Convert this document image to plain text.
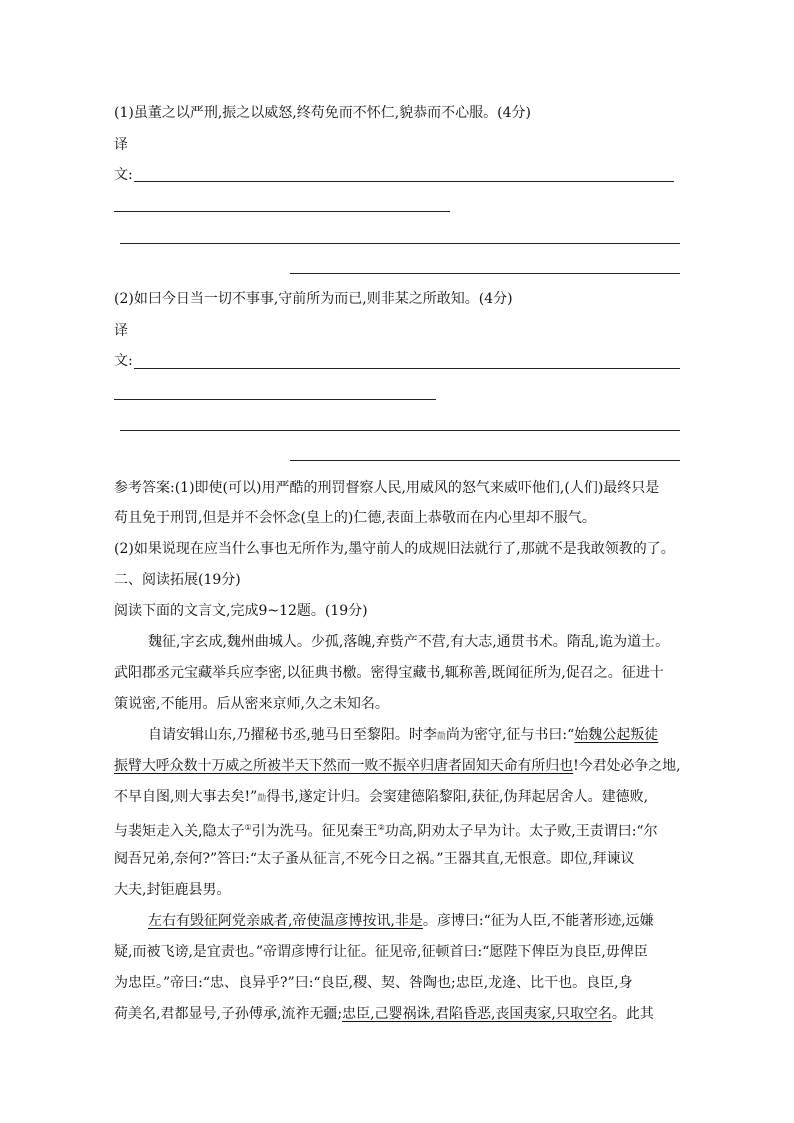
(1)虽董之以严刑,振之以威怒,终苟免而不怀仁,貌恭而不心服。(4分)
译
文:
(2)如曰今日当一切不事事,守前所为而已,则非某之所敢知。(4分)
译
文:
参考答案:(1)即使(可以)用严酷的刑罚督察人民,用威风的怒气来威吓他们,(人们)最终只是
苟且免于刑罚,但是并不会怀念(皇上的)仁德,表面上恭敬而在内心里却不服气。
(2)如果说现在应当什么事也无所作为,墨守前人的成规旧法就行了,那就不是我敢领教的了。
二、阅读拓展(19分)
阅读下面的文言文,完成9~12题。(19分)
魏征,字玄成,魏州曲城人。少孤,落魄,弃赀产不营,有大志,通贯书术。隋乱,诡为道士。
武阳郡丞元宝藏举兵应李密,以征典书檄。密得宝藏书,辄称善,既闻征所为,促召之。征进十
策说密,不能用。后从密来京师,久之未知名。
自请安辑山东,乃擢秘书丞,驰马日至黎阳。时李勣尚为密守,征与书曰:“始魏公起叛徒
振臂大呼众数十万威之所被半天下然而一败不振卒归唐者固知天命有所归也!今君处必争之地,
不早自图,则大事去矣!”勣得书,遂定计归。会窦建德陷黎阳,获征,伪拜起居舍人。建德败,
与裴矩走入关,隐太子①引为洗马。征见秦王②功高,阴劝太子早为计。太子败,王责谓曰:“尔
阋吾兄弟,奈何?”答曰:“太子蚤从征言,不死今日之祸。”王器其直,无恨意。即位,拜谏议
大夫,封钜鹿县男。
左右有毁征阿党亲戚者,帝使温彦博按讯,非是。彦博曰:“征为人臣,不能著形迹,远嫌
疑,而被飞谤,是宜责也。”帝谓彦博行让征。征见帝,征顿首曰:“愿陛下俾臣为良臣,毋俾臣
为忠臣。”帝曰:“忠、良异乎?”曰:“良臣,稷、契、咎陶也;忠臣,龙逄、比干也。良臣,身
荷美名,君都显号,子孙傅承,流祚无疆;忠臣,己婴祸诛,君陷昏恶,丧国夷家,只取空名。此其
